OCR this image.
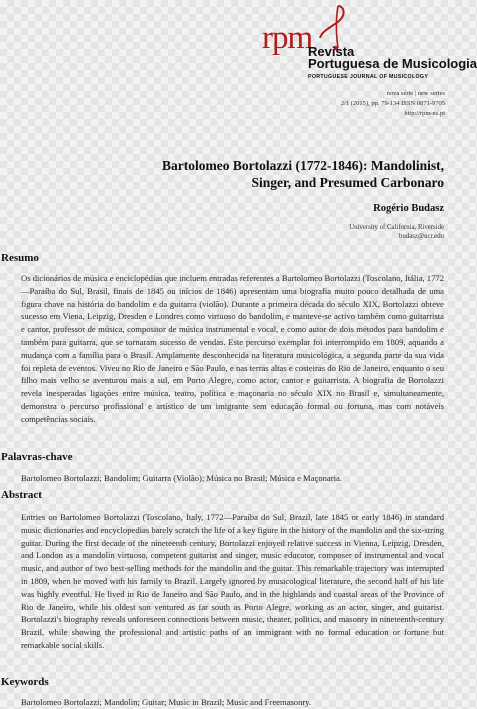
rpm
Revista
Portuguesa de Musicologia
PORTUGUESE JOURNAL OF MUSICOLOGY
nova série | new series
2/1 (2015), pp. 79-134 ISSN 0871-9705
http://rpm-ns.pt
Bartolomeo Bortolazzi (1772-1846): Mandolinist,
Singer, and Presumed Carbonaro
Rogério Budasz
University of California, Riverside
budasz@ucr.edu
Resumo

Os dicionários de música e enciclopédias que incluem entradas referentes a Bartolomeo Bortolazzi (Toscolano, Itália, 1772—Paraíba do Sul, Brasil, finais de 1845 ou inícios de 1846) apresentam uma biografia muito pouco detalhada de uma figura chave na história do bandolim e da guitarra (violão). Durante a primeira década do século XIX, Bortolazzi obteve sucesso em Viena, Leipzig, Dresden e Londres como virtuoso do bandolim, e manteve-se activo também como guitarrista e cantor, professor de música, compositor de música instrumental e vocal, e como autor de dois métodos para bandolim e também para guitarra, que se tornaram sucesso de vendas. Este percurso exemplar foi interrompido em 1809, aquando a mudança com a família para o Brasil. Amplamente desconhecida na literatura musicológica, a segunda parte da sua vida foi repleta de eventos. Viveu no Rio de Janeiro e São Paulo, e nas terras altas e costeiras do Rio de Janeiro, enquanto o seu filho mais velho se aventurou mais a sul, em Porto Alegre, como actor, cantor e guitarrista. A biografia de Bortolazzi revela inesperadas ligações entre música, teatro, política e maçonaria no século XIX no Brasil e, simultaneamente, demonstra o percurso profissional e artístico de um imigrante sem educação formal ou fortuna, mas com notáveis competências sociais.

Palavras-chave
Bartolomeo Bortolazzi; Bandolim; Guitarra (Violão); Música no Brasil; Música e Maçonaria.
Abstract

Entries on Bartolomeo Bortolazzi (Toscolano, Italy, 1772—Paraíba do Sul, Brazil, late 1845 or early 1846) in standard music dictionaries and encyclopedias barely scratch the life of a key figure in the history of the mandolin and the six-string guitar. During the first decade of the nineteenth century, Bortolazzi enjoyed relative success in Vienna, Leipzig, Dresden, and London as a mandolin virtuoso, competent guitarist and singer, music educator, composer of instrumental and vocal music, and author of two best-selling methods for the mandolin and the guitar. This remarkable trajectory was interrupted in 1809, when he moved with his family to Brazil. Largely ignored by musicological literature, the second half of his life was highly eventful. He lived in Rio de Janeiro and São Paulo, and in the highlands and coastal areas of the Province of Rio de Janeiro, while his oldest son ventured as far south as Porto Alegre, working as an actor, singer, and guitarist. Bortolazzi's biography reveals unforeseen connections between music, theater, politics, and masonry in nineteenth-century Brazil, while showing the professional and artistic paths of an immigrant with no formal education or fortune but remarkable social skills.

Keywords
Bartolomeo Bortolazzi; Mandolin; Guitar; Music in Brazil; Music and Freemasonry.
